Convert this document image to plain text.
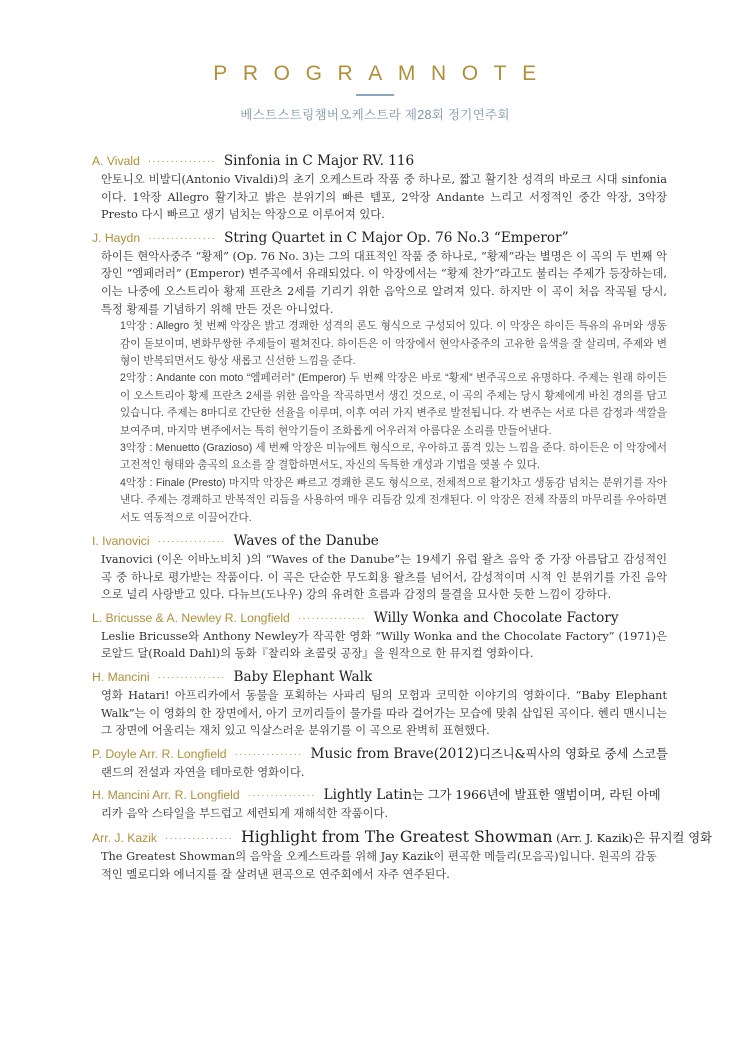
PROGRAMNOTE
베스트스트링챔버오케스트라 제28회 정기연주회
A. Vivald ··············· Sinfonia in C Major RV. 116
안토니오 비발디(Antonio Vivaldi)의 초기 오케스트라 작품 중 하나로, 짧고 활기찬 성격의 바로크 시대 sinfonia이다. 1악장 Allegro 활기차고 밝은 분위기의 빠른 템포, 2악장 Andante 느리고 서정적인 중간 악장, 3악장 Presto 다시 빠르고 생기 넘치는 악장으로 이루어져 있다.
J. Haydn ··············· String Quartet in C Major Op. 76 No.3 “Emperor”
하이든 현악사중주 “황제” (Op. 76 No. 3)는 그의 대표적인 작품 중 하나로, “황제”라는 별명은 이 곡의 두 번째 악장인 “엠페러러” (Emperor) 변주곡에서 유래되었다. 이 악장에서는 “황제 찬가”라고도 불리는 주제가 등장하는데, 이는 나중에 오스트리아 황제 프란츠 2세를 기리기 위한 음악으로 알려져 있다. 하지만 이 곡이 처음 작곡될 당시, 특정 황제를 기념하기 위해 만든 것은 아니었다.
1악장 : Allegro 첫 번째 악장은 밝고 경쾌한 성격의 론도 형식으로 구성되어 있다. 이 악장은 하이든 특유의 유머와 생동감이 돋보이며, 변화무쌍한 주제들이 펼쳐진다. 하이든은 이 악장에서 현악사중주의 고유한 음색을 잘 살리며, 주제와 변형이 반복되면서도 항상 새롭고 신선한 느낌을 준다.
2악장 : Andante con moto “엠페러러” (Emperor) 두 번째 악장은 바로 “황제” 변주곡으로 유명하다. 주제는 원래 하이든이 오스트리아 황제 프란츠 2세를 위한 음악을 작곡하면서 생긴 것으로, 이 곡의 주제는 당시 황제에게 바친 경의를 담고 있습니다. 주제는 8마디로 간단한 선율을 이루며, 이후 여러 가지 변주로 발전됩니다. 각 변주는 서로 다른 감정과 색깔을 보여주며, 마지막 변주에서는 특히 현악기들이 조화롭게 어우러져 아름다운 소리를 만들어낸다.
3악장 : Menuetto (Grazioso) 세 번째 악장은 미뉴에트 형식으로, 우아하고 품격 있는 느낌을 준다. 하이든은 이 악장에서 고전적인 형태와 춤곡의 요소를 잘 결합하면서도, 자신의 독특한 개성과 기법을 엿볼 수 있다.
4악장 : Finale (Presto) 마지막 악장은 빠르고 경쾌한 론도 형식으로, 전체적으로 활기차고 생동감 넘치는 분위기를 자아낸다. 주제는 경쾌하고 반복적인 리듬을 사용하여 매우 리듬감 있게 전개된다. 이 악장은 전체 작품의 마무리를 우아하면서도 역동적으로 이끌어간다.
I. Ivanovici ··············· Waves of the Danube
Ivanovici (이온 이바노비치 )의 “Waves of the Danube”는 19세기 유럽 왈츠 음악 중 가장 아름답고 감성적인 곡 중 하나로 평가받는 작품이다. 이 곡은 단순한 무도회용 왈츠를 넘어서, 감성적이며 시적 인 분위기를 가진 음악으로 널리 사랑받고 있다. 다뉴브(도나우) 강의 유려한 흐름과 감정의 물결을 묘사한 듯한 느낌이 강하다.
L. Bricusse & A. Newley R. Longfield ··············· Willy Wonka and Chocolate Factory
Leslie Bricusse와 Anthony Newley가 작곡한 영화 “Willy Wonka and the Chocolate Factory” (1971)은 로알드 달(Roald Dahl)의 동화『찰리와 초콜릿 공장』을 원작으로 한 뮤지컬 영화이다.
H. Mancini ··············· Baby Elephant Walk
영화 Hatari! 아프리카에서 동물을 포획하는 사파리 팀의 모험과 코믹한 이야기의 영화이다. “Baby Elephant Walk”는 이 영화의 한 장면에서, 아기 코끼리들이 물가를 따라 걸어가는 모습에 맞춰 삽입된 곡이다. 헨리 맨시니는 그 장면에 어울리는 재치 있고 익살스러운 분위기를 이 곡으로 완벽히 표현했다.
P. Doyle Arr. R. Longfield ··············· Music from Brave(2012)디즈니&픽사의 영화로 중세 스코틀
랜드의 전설과 자연을 테마로한 영화이다.
H. Mancini Arr. R. Longfield ··············· Lightly Latin는 그가 1966년에 발표한 앨범이며, 라틴 아메
리카 음악 스타일을 부드럽고 세련되게 재해석한 작품이다.
Arr. J. Kazik ··············· Highlight from The Greatest Showman (Arr. J. Kazik)은 뮤지컬 영화
The Greatest Showman의 음악을 오케스트라를 위해 Jay Kazik이 편곡한 메들리(모음곡)입니다. 원곡의 감동적인 멜로디와 에너지를 잘 살려낸 편곡으로 연주회에서 자주 연주된다.
